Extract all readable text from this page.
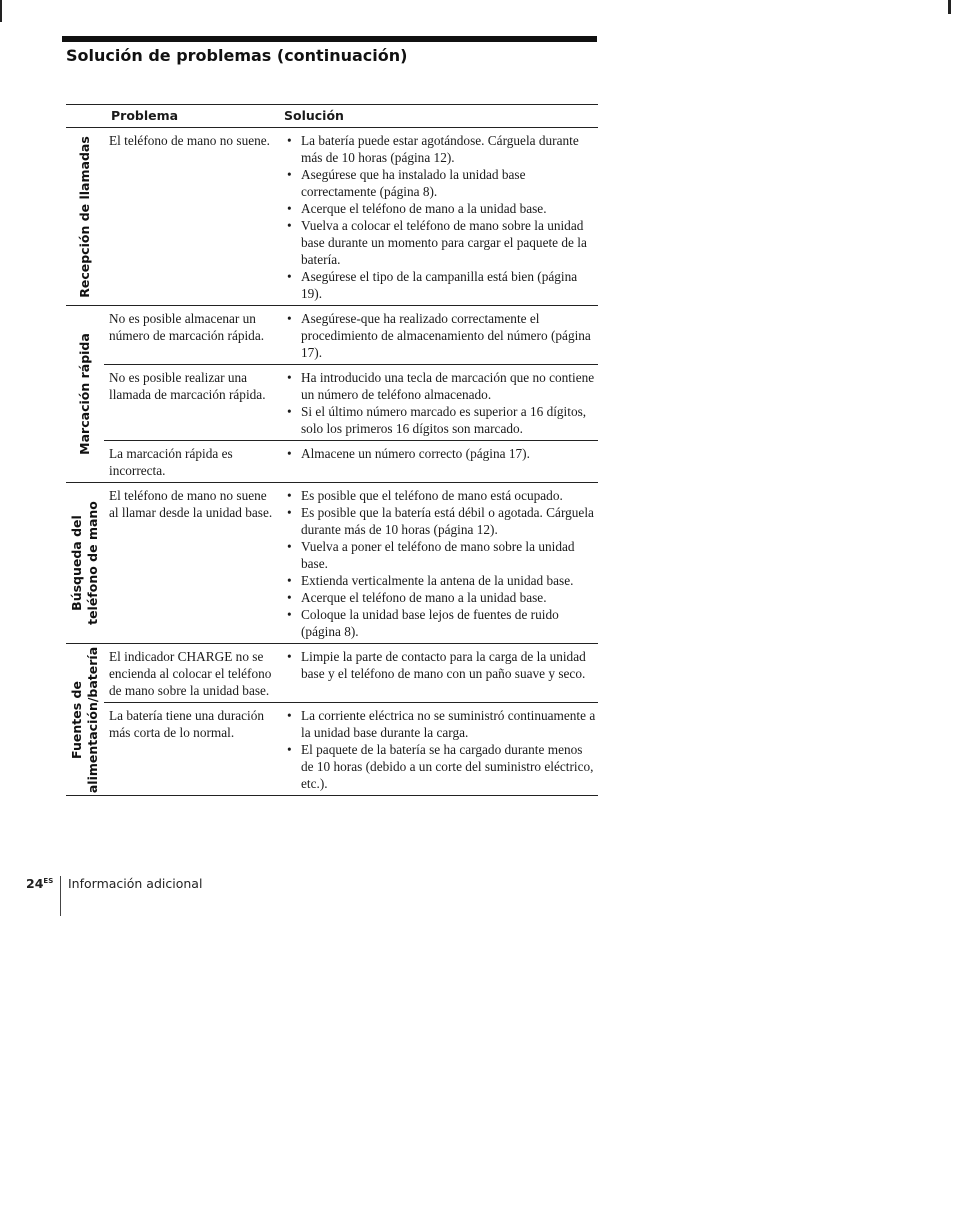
Solución de problemas (continuación)
Problema	Solución
Recepción de llamadas	El teléfono de mano no suene.
•	La batería puede estar agotándose. Cárguela durante más de 10 horas (página 12).
• Asegúrese que ha instalado la unidad base correctamente (página 8).
• Acerque el teléfono de mano a la unidad base.
• Vuelva a colocar el teléfono de mano sobre la unidad base durante un momento para cargar el paquete de la batería.
• Asegúrese el tipo de la campanilla está bien (página 19).
Marcación rápida
No es posible almacenar un número de marcación rápida.
• Asegúrese-que ha realizado correctamente el procedimiento de almacenamiento del número (página 17).
No es posible realizar una llamada de marcación rápida.
• Ha introducido una tecla de marcación que no contiene un número de teléfono almacenado.
• Si el último número marcado es superior a 16 dígitos, solo los primeros 16 dígitos son marcado.
La marcación rápida es incorrecta.
• Almacene un número correcto (página 17).
Búsqueda del
teléfono de mano
El teléfono de mano no suene al llamar desde la unidad base.
• Es posible que el teléfono de mano está ocupado.
• Es posible que la batería está débil o agotada. Cárguela durante más de 10 horas (página 12).
• Vuelva a poner el teléfono de mano sobre la unidad base.
• Extienda verticalmente la antena de la unidad base.
• Acerque el teléfono de mano a la unidad base.
• Coloque la unidad base lejos de fuentes de ruido (página 8).
Fuentes de
alimentación/batería El indicador CHARGE no se encienda al colocar el teléfono de mano sobre la unidad base.
• Limpie la parte de contacto para la carga de la unidad base y el teléfono de mano con un paño suave y seco.
La batería tiene una duración más corta de lo normal.
• La corriente eléctrica no se suministró continuamente a la unidad base durante la carga.
• El paquete de la batería se ha cargado durante menos de 10 horas (debido a un corte del suministro eléctrico, etc.).
$24^{ES}$ Información adicional
